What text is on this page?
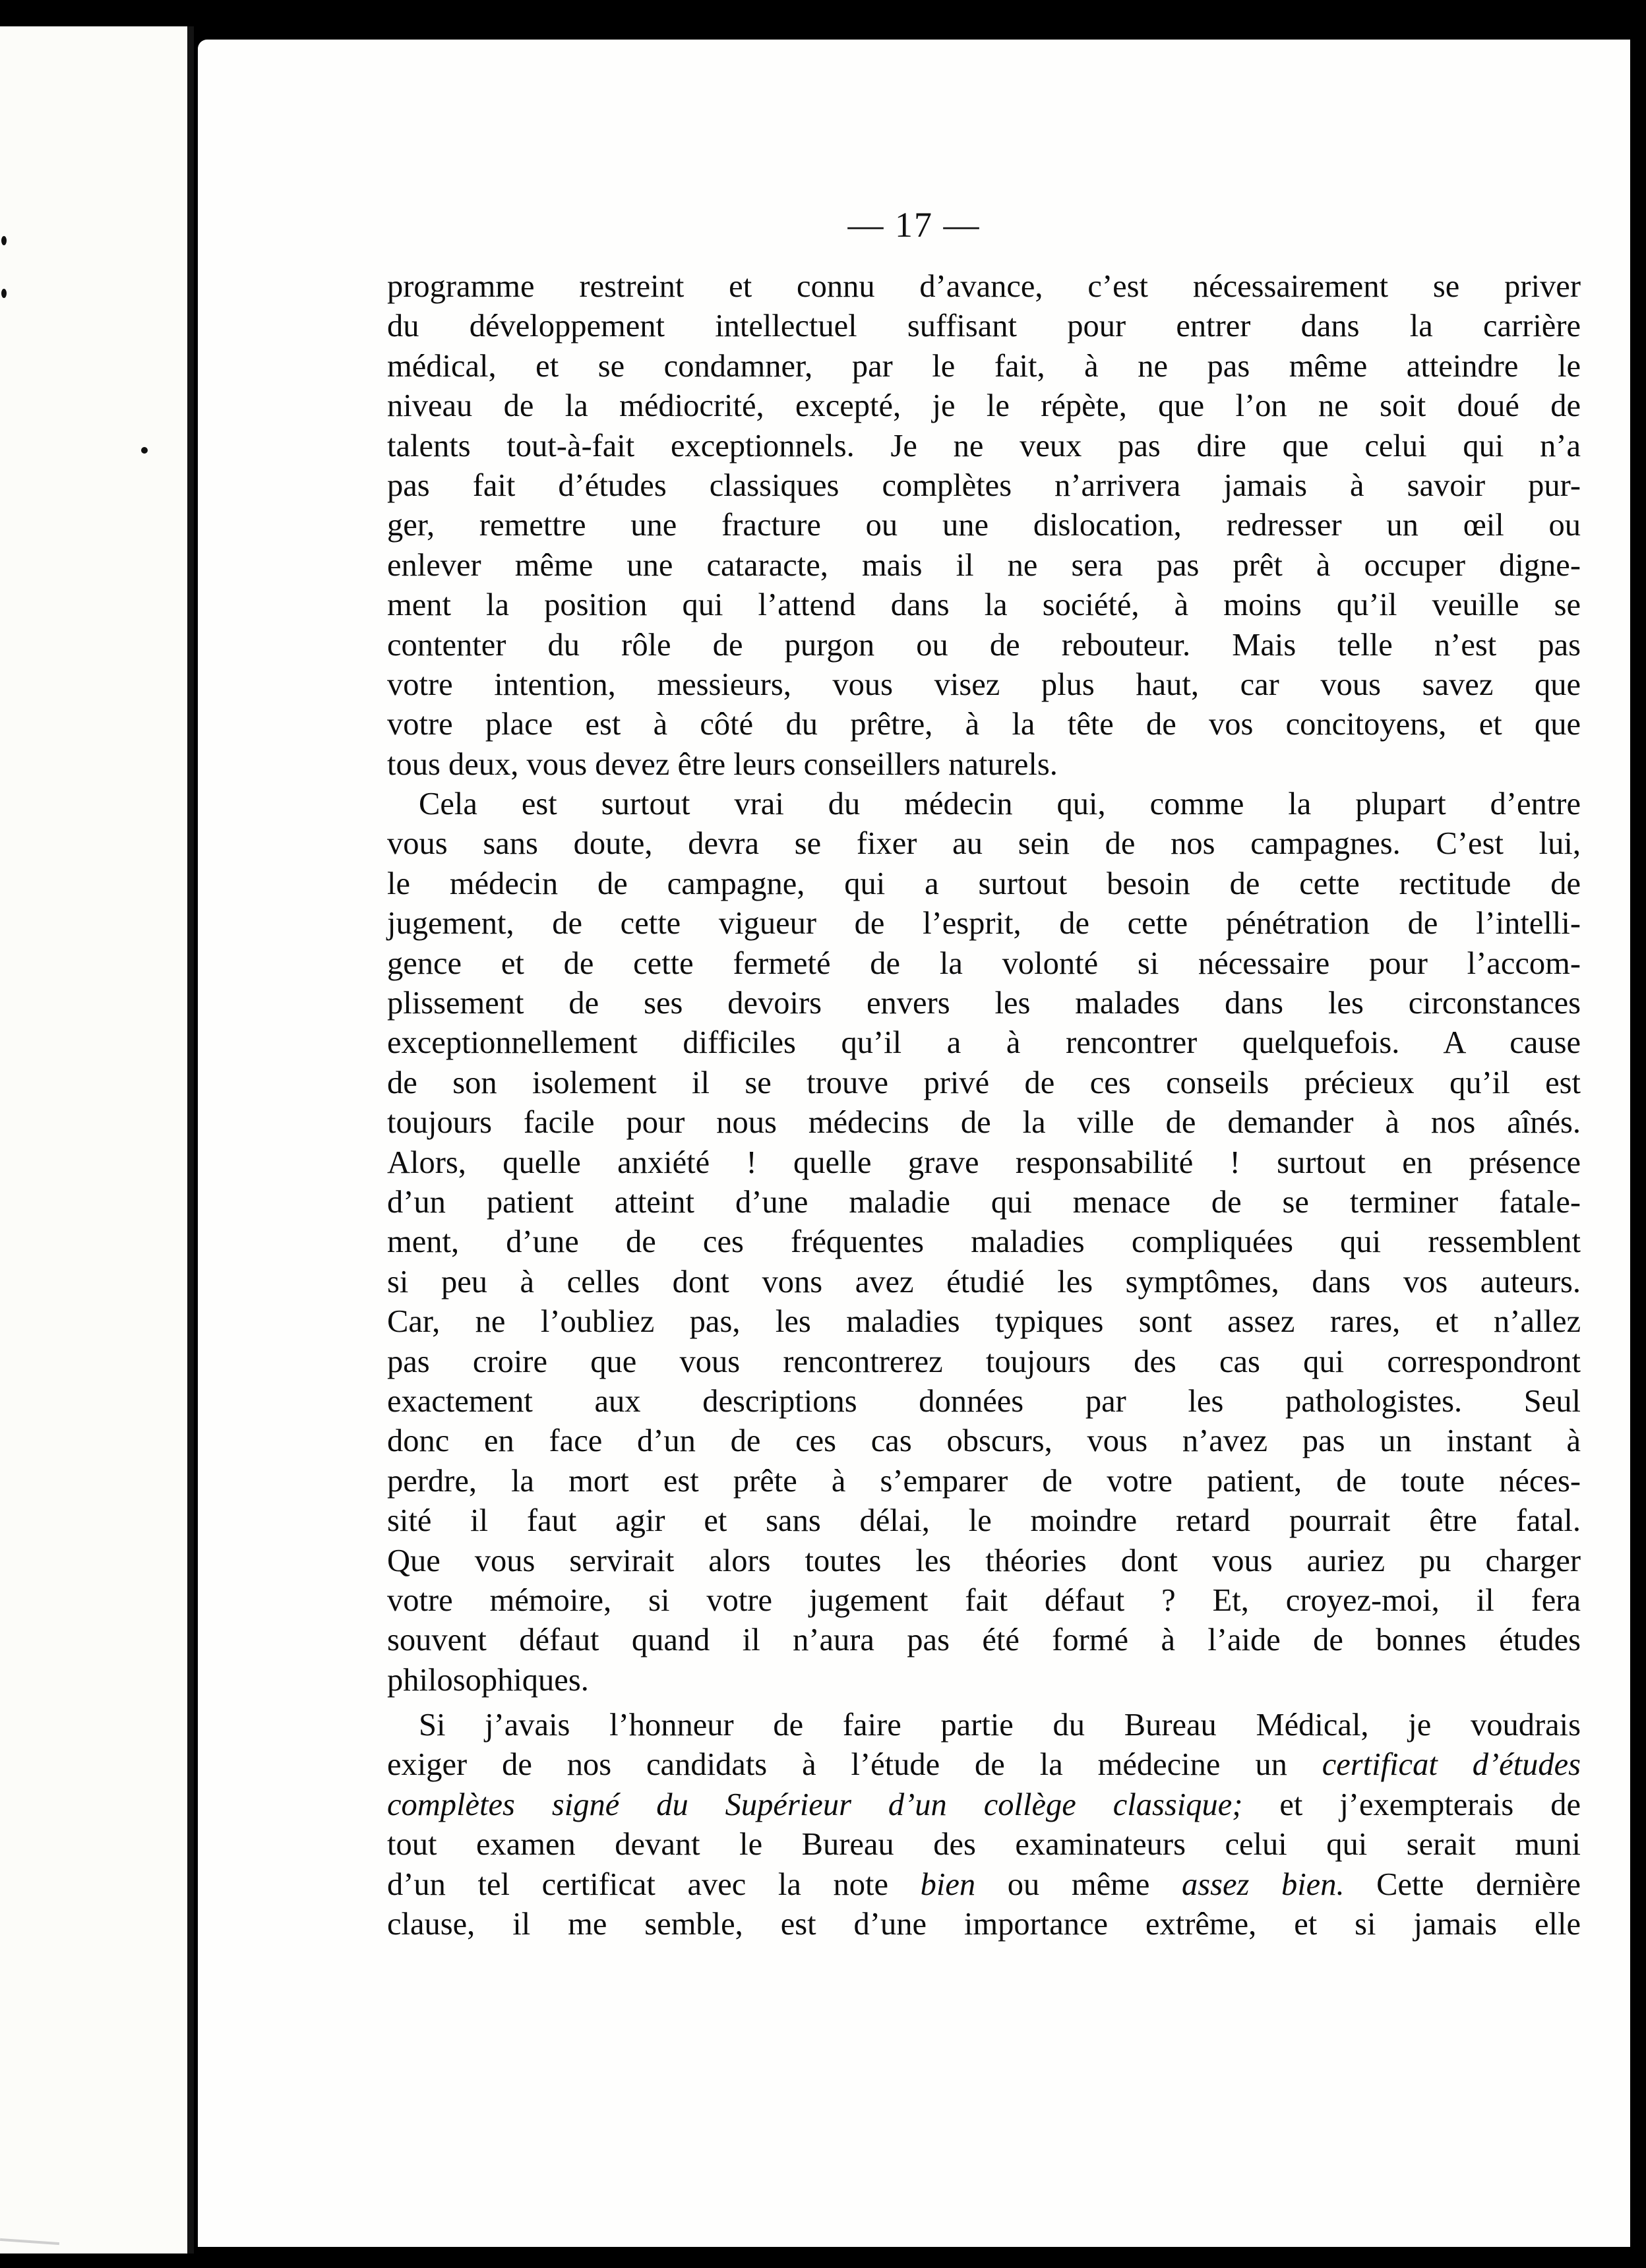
— 17 —
programme restreint et connu d’avance, c’est nécessairement se priver
du développement intellectuel suffisant pour entrer dans la carrière
médical, et se condamner, par le fait, à ne pas même atteindre le
niveau de la médiocrité, excepté, je le répète, que l’on ne soit doué de
talents tout-à-fait exceptionnels. Je ne veux pas dire que celui qui n’a
pas fait d’études classiques complètes n’arrivera jamais à savoir pur-
ger, remettre une fracture ou une dislocation, redresser un œil ou
enlever même une cataracte, mais il ne sera pas prêt à occuper digne-
ment la position qui l’attend dans la société, à moins qu’il veuille se
contenter du rôle de purgon ou de rebouteur. Mais telle n’est pas
votre intention, messieurs, vous visez plus haut, car vous savez que
votre place est à côté du prêtre, à la tête de vos concitoyens, et que
tous deux, vous devez être leurs conseillers naturels.
Cela est surtout vrai du médecin qui, comme la plupart d’entre
vous sans doute, devra se fixer au sein de nos campagnes. C’est lui,
le médecin de campagne, qui a surtout besoin de cette rectitude de
jugement, de cette vigueur de l’esprit, de cette pénétration de l’intelli-
gence et de cette fermeté de la volonté si nécessaire pour l’accom-
plissement de ses devoirs envers les malades dans les circonstances
exceptionnellement difficiles qu’il a à rencontrer quelquefois. A cause
de son isolement il se trouve privé de ces conseils précieux qu’il est
toujours facile pour nous médecins de la ville de demander à nos aînés.
Alors, quelle anxiété ! quelle grave responsabilité ! surtout en présence
d’un patient atteint d’une maladie qui menace de se terminer fatale-
ment, d’une de ces fréquentes maladies compliquées qui ressemblent
si peu à celles dont vons avez étudié les symptômes, dans vos auteurs.
Car, ne l’oubliez pas, les maladies typiques sont assez rares, et n’allez
pas croire que vous rencontrerez toujours des cas qui correspondront
exactement aux descriptions données par les pathologistes. Seul
donc en face d’un de ces cas obscurs, vous n’avez pas un instant à
perdre, la mort est prête à s’emparer de votre patient, de toute néces-
sité il faut agir et sans délai, le moindre retard pourrait être fatal.
Que vous servirait alors toutes les théories dont vous auriez pu charger
votre mémoire, si votre jugement fait défaut ? Et, croyez-moi, il fera
souvent défaut quand il n’aura pas été formé à l’aide de bonnes études
philosophiques.
Si j’avais l’honneur de faire partie du Bureau Médical, je voudrais
exiger de nos candidats à l’étude de la médecine un certificat d’études
complètes signé du Supérieur d’un collège classique; et j’exempterais de
tout examen devant le Bureau des examinateurs celui qui serait muni
d’un tel certificat avec la note bien ou même assez bien. Cette dernière
clause, il me semble, est d’une importance extrême, et si jamais elle
